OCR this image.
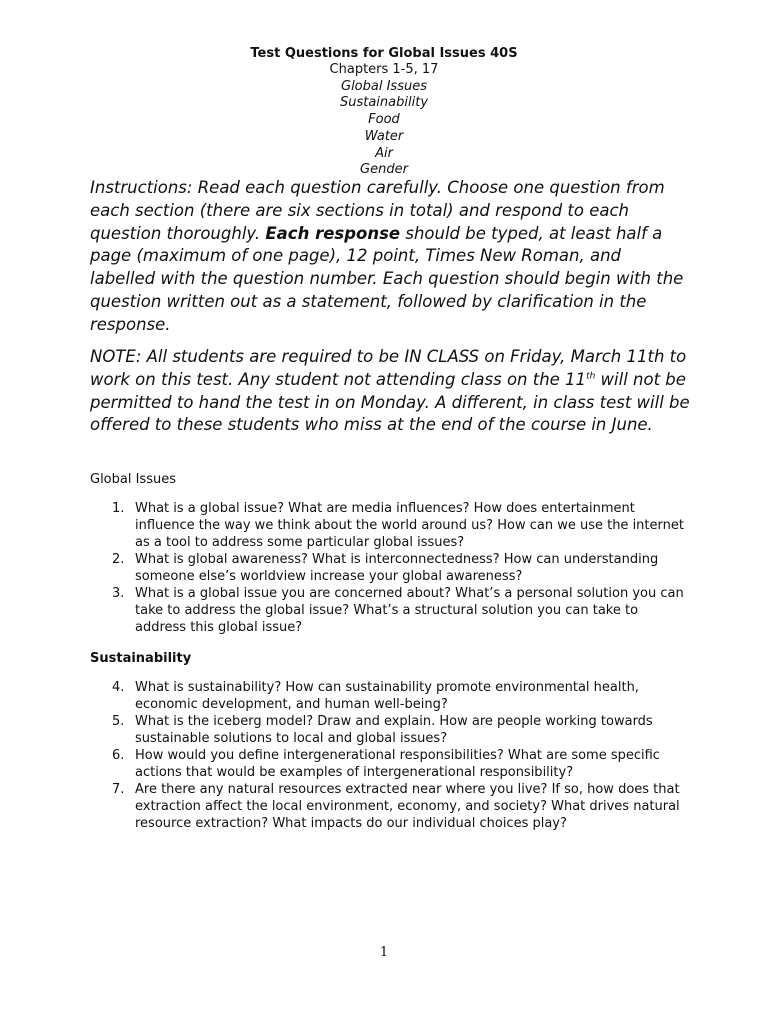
Test Questions for Global Issues 40S
Chapters 1-5, 17
Global Issues
Sustainability
Food
Water
Air
Gender

Instructions: Read each question carefully. Choose one question from each section (there are six sections in total) and respond to each question thoroughly. Each response should be typed, at least half a page (maximum of one page), 12 point, Times New Roman, and labelled with the question number. Each question should begin with the question written out as a statement, followed by clarification in the response.

NOTE: All students are required to be IN CLASS on Friday, March 11th to work on this test. Any student not attending class on the 11th will not be permitted to hand the test in on Monday. A different, in class test will be offered to these students who miss at the end of the course in June.

Global Issues

1. What is a global issue? What are media influences? How does entertainment influence the way we think about the world around us? How can we use the internet as a tool to address some particular global issues?
2. What is global awareness? What is interconnectedness? How can understanding someone else’s worldview increase your global awareness?
3. What is a global issue you are concerned about? What’s a personal solution you can take to address the global issue? What’s a structural solution you can take to address this global issue?

Sustainability

4. What is sustainability? How can sustainability promote environmental health, economic development, and human well-being?
5. What is the iceberg model? Draw and explain. How are people working towards sustainable solutions to local and global issues?
6. How would you define intergenerational responsibilities? What are some specific actions that would be examples of intergenerational responsibility?
7. Are there any natural resources extracted near where you live? If so, how does that extraction affect the local environment, economy, and society? What drives natural resource extraction? What impacts do our individual choices play?
1
